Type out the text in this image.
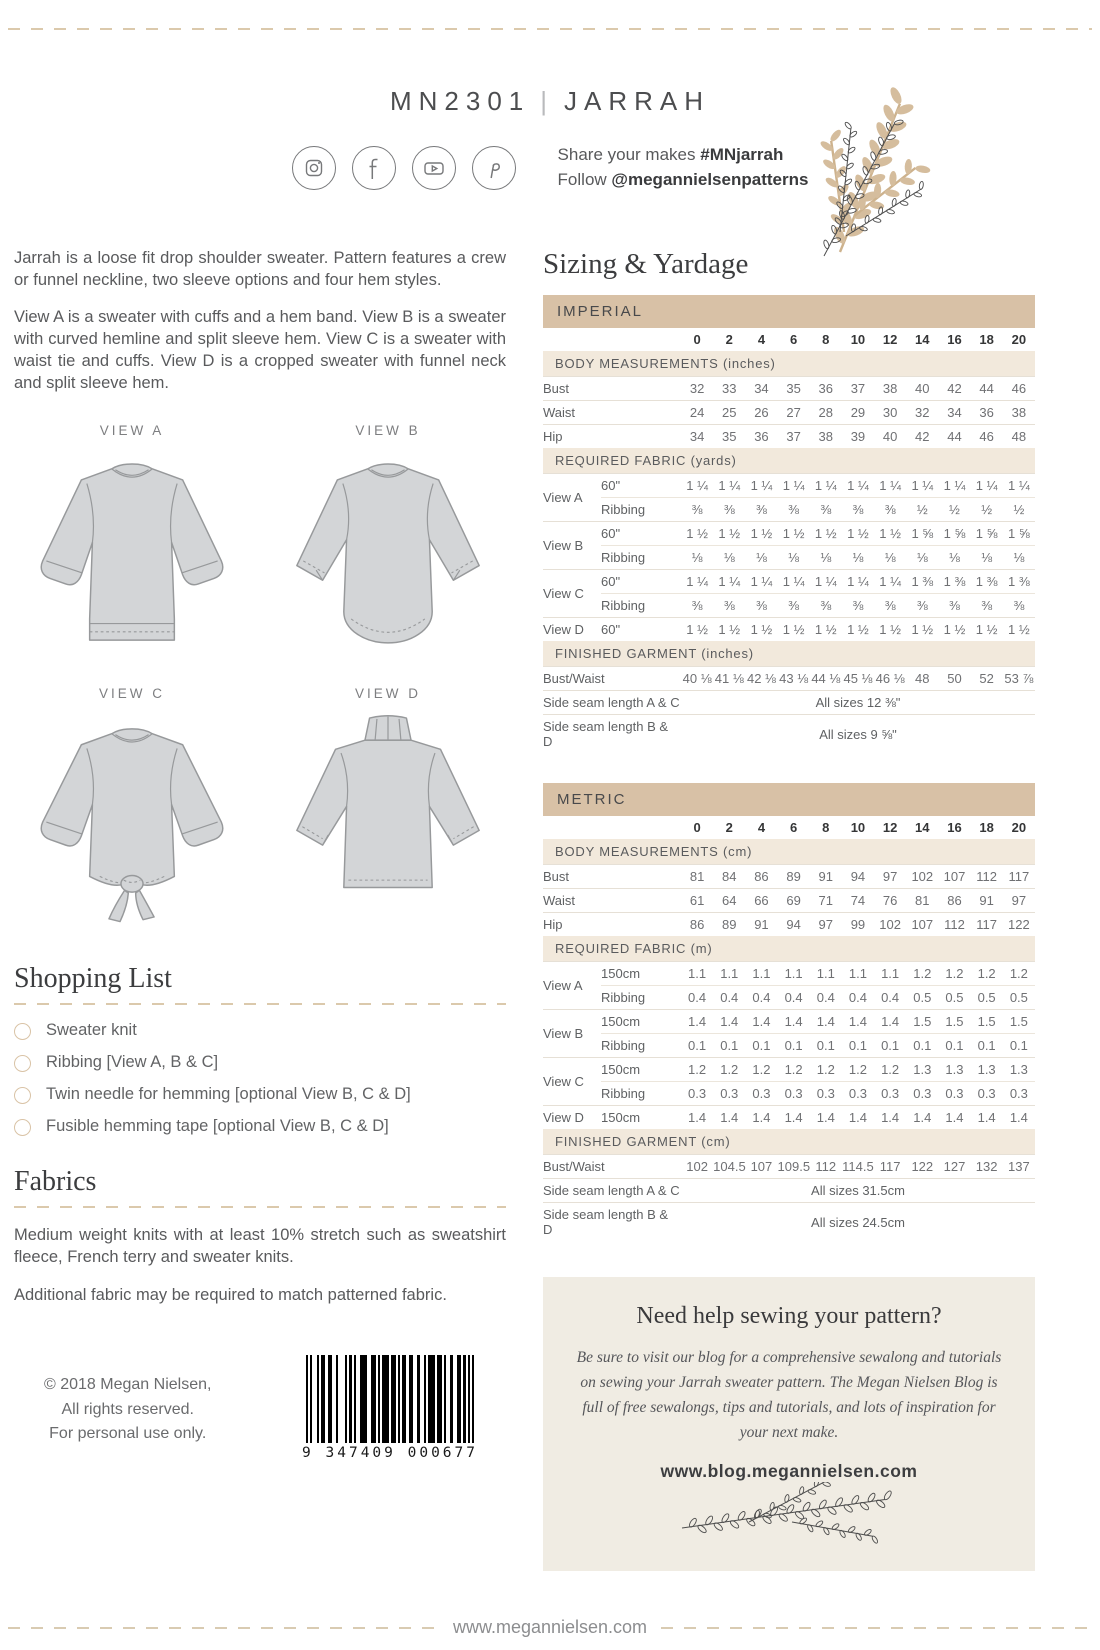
MN2301 | JARRAH
Share your makes #MNjarrah
Follow @megannielsenpatterns

Jarrah is a loose fit drop shoulder sweater. Pattern features a crew or funnel neckline, two sleeve options and four hem styles.

View A is a sweater with cuffs and a hem band. View B is a sweater with curved hemline and split sleeve hem. View C is a sweater with waist tie and cuffs. View D is a cropped sweater with funnel neck and split sleeve hem.

VIEW A	VIEW B
VIEW C	VIEW D
Shopping List
Sweater knit
Ribbing [View A, B & C]
Twin needle for hemming [optional View B, C & D]
Fusible hemming tape [optional View B, C & D]
Fabrics

Medium weight knits with at least 10% stretch such as sweatshirt fleece, French terry and sweater knits.

Additional fabric may be required to match patterned fabric.

© 2018 Megan Nielsen,
All rights reserved.
For personal use only.
9 347409 000677
Sizing & Yardage
IMPERIAL
		0	2	4	6	8	10	12	14	16	18	20
BODY MEASUREMENTS (inches)												
Bust		32	33	34	35	36	37	38	40	42	44	46
Waist		24	25	26	27	28	29	30	32	34	36	38
Hip		34	35	36	37	38	39	40	42	44	46	48
REQUIRED FABRIC (yards)												
View A	60"	1 ¼	1 ¼	1 ¼	1 ¼	1 ¼	1 ¼	1 ¼	1 ¼	1 ¼	1 ¼	1 ¼
	Ribbing	⅜	⅜	⅜	⅜	⅜	⅜	⅜	½	½	½	½
View B	60"	1 ½	1 ½	1 ½	1 ½	1 ½	1 ½	1 ½	1 ⅝	1 ⅝	1 ⅝	1 ⅝
	Ribbing	⅛	⅛	⅛	⅛	⅛	⅛	⅛	⅛	⅛	⅛	⅛
View C	60"	1 ¼	1 ¼	1 ¼	1 ¼	1 ¼	1 ¼	1 ¼	1 ⅜	1 ⅜	1 ⅜	1 ⅜
	Ribbing	⅜	⅜	⅜	⅜	⅜	⅜	⅜	⅜	⅜	⅜	⅜
View D	60"	1 ½	1 ½	1 ½	1 ½	1 ½	1 ½	1 ½	1 ½	1 ½	1 ½	1 ½
FINISHED GARMENT (inches)												
Bust/Waist		40 ⅛	41 ⅛	42 ⅛	43 ⅛	44 ⅛	45 ⅛	46 ⅛	48	50	52	53 ⅞
Side seam length A & C		All sizes 12 ⅜"										
Side seam length B & D		All sizes 9 ⅝"										
METRIC
		0	2	4	6	8	10	12	14	16	18	20
BODY MEASUREMENTS (cm)												
Bust		81	84	86	89	91	94	97	102	107	112	117
Waist		61	64	66	69	71	74	76	81	86	91	97
Hip		86	89	91	94	97	99	102	107	112	117	122
REQUIRED FABRIC (m)												
View A	150cm	1.1	1.1	1.1	1.1	1.1	1.1	1.1	1.2	1.2	1.2	1.2
	Ribbing	0.4	0.4	0.4	0.4	0.4	0.4	0.4	0.5	0.5	0.5	0.5
View B	150cm	1.4	1.4	1.4	1.4	1.4	1.4	1.4	1.5	1.5	1.5	1.5
	Ribbing	0.1	0.1	0.1	0.1	0.1	0.1	0.1	0.1	0.1	0.1	0.1
View C	150cm	1.2	1.2	1.2	1.2	1.2	1.2	1.2	1.3	1.3	1.3	1.3
	Ribbing	0.3	0.3	0.3	0.3	0.3	0.3	0.3	0.3	0.3	0.3	0.3
View D	150cm	1.4	1.4	1.4	1.4	1.4	1.4	1.4	1.4	1.4	1.4	1.4
FINISHED GARMENT (cm)												
Bust/Waist		102	104.5	107	109.5	112	114.5	117	122	127	132	137
Side seam length A & C		All sizes 31.5cm										
Side seam length B & D		All sizes 24.5cm										
Need help sewing your pattern?
Be sure to visit our blog for a comprehensive sewalong and tutorials on sewing your Jarrah sweater pattern. The Megan Nielsen Blog is full of free sewalongs, tips and tutorials, and lots of inspiration for your next make.
www.blog.megannielsen.com
www.megannielsen.com
